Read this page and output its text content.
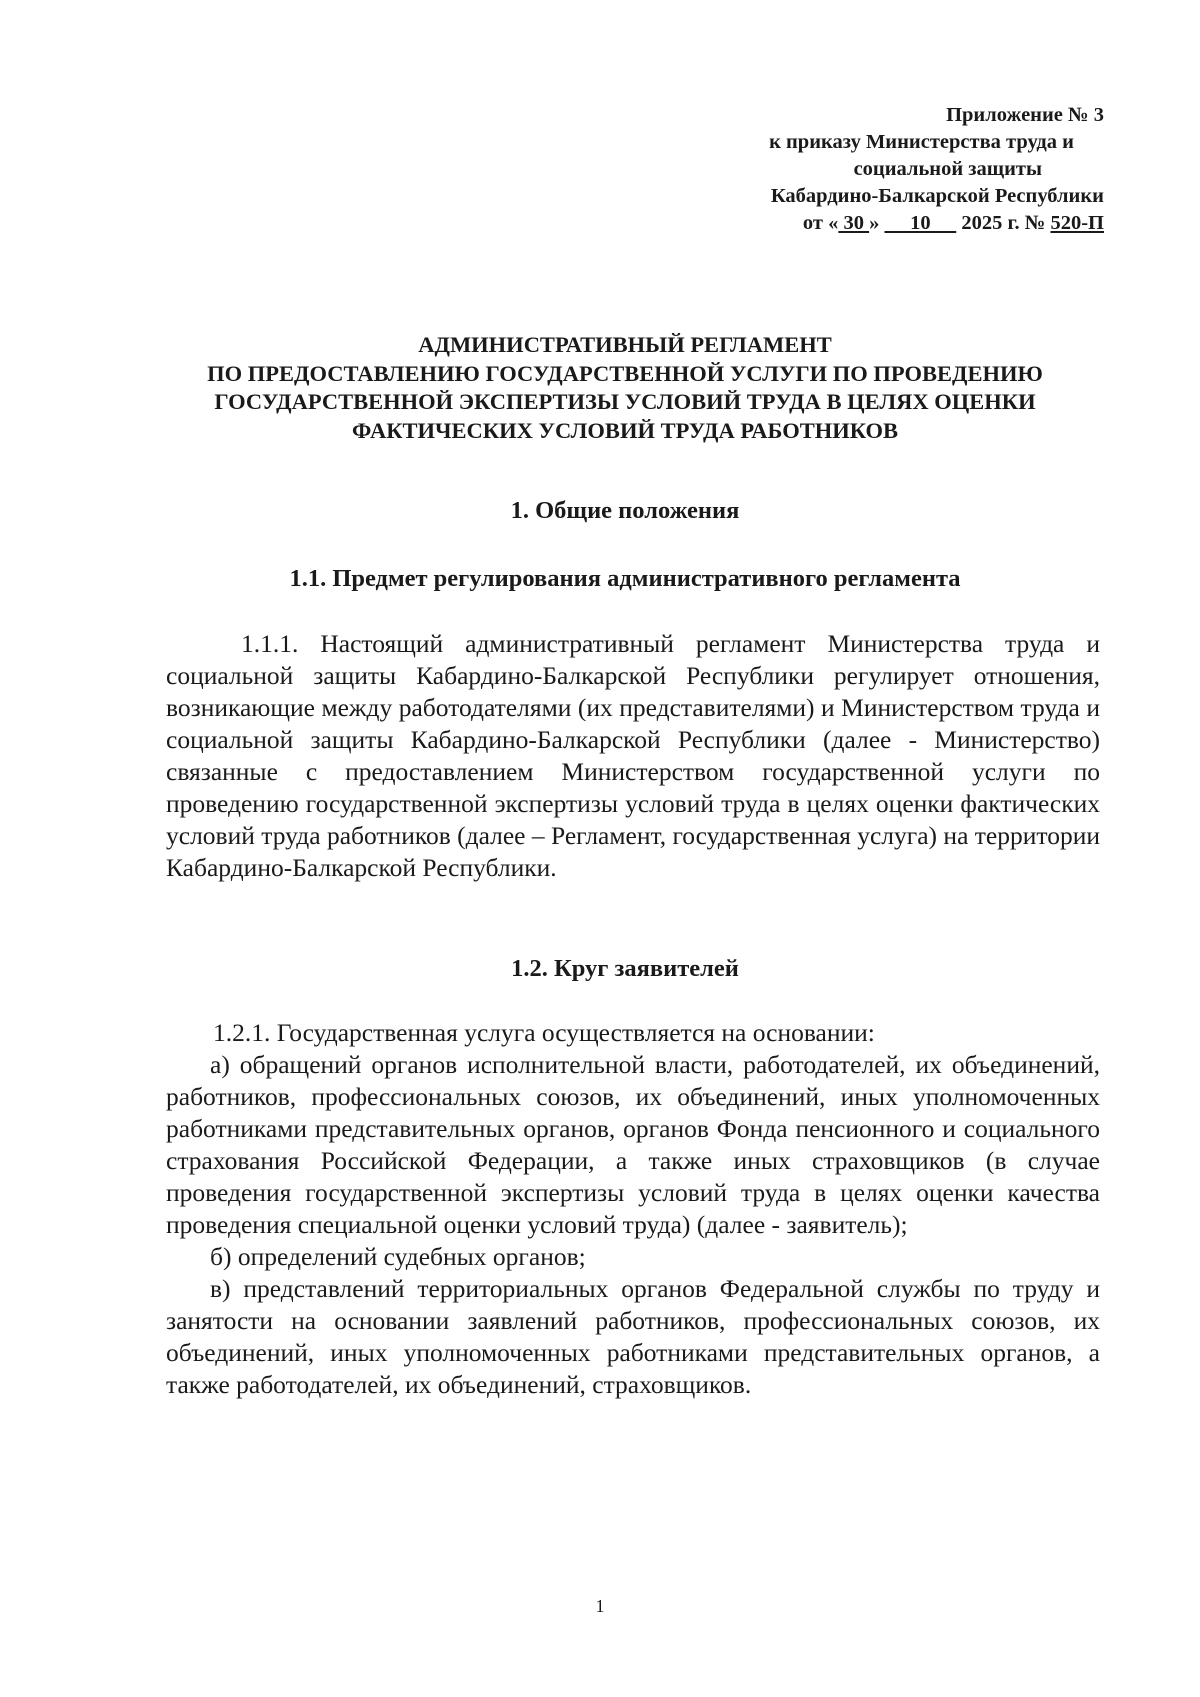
Приложение № 3
к приказу Министерства труда и
социальной защиты
Кабардино-Балкарской Республики
от « 30 »      10      2025 г. № 520-П
АДМИНИСТРАТИВНЫЙ РЕГЛАМЕНТ
ПО ПРЕДОСТАВЛЕНИЮ ГОСУДАРСТВЕННОЙ УСЛУГИ ПО ПРОВЕДЕНИЮ
ГОСУДАРСТВЕННОЙ ЭКСПЕРТИЗЫ УСЛОВИЙ ТРУДА В ЦЕЛЯХ ОЦЕНКИ
ФАКТИЧЕСКИХ УСЛОВИЙ ТРУДА РАБОТНИКОВ
1. Общие положения
1.1. Предмет регулирования административного регламента
1.1.1. Настоящий административный регламент Министерства труда и социальной защиты Кабардино-Балкарской Республики регулирует отношения, возникающие между работодателями (их представителями) и Министерством труда и социальной защиты Кабардино-Балкарской Республики (далее - Министерство) связанные с предоставлением Министерством государственной услуги по проведению государственной экспертизы условий труда в целях оценки фактических условий труда работников (далее – Регламент, государственная услуга) на территории Кабардино-Балкарской Республики.
1.2. Круг заявителей
1.2.1. Государственная услуга осуществляется на основании:
а) обращений органов исполнительной власти, работодателей, их объединений, работников, профессиональных союзов, их объединений, иных уполномоченных работниками представительных органов, органов Фонда пенсионного и социального страхования Российской Федерации, а также иных страховщиков (в случае проведения государственной экспертизы условий труда в целях оценки качества проведения специальной оценки условий труда) (далее - заявитель);
б) определений судебных органов;
в) представлений территориальных органов Федеральной службы по труду и занятости на основании заявлений работников, профессиональных союзов, их объединений, иных уполномоченных работниками представительных органов, а также работодателей, их объединений, страховщиков.
1
